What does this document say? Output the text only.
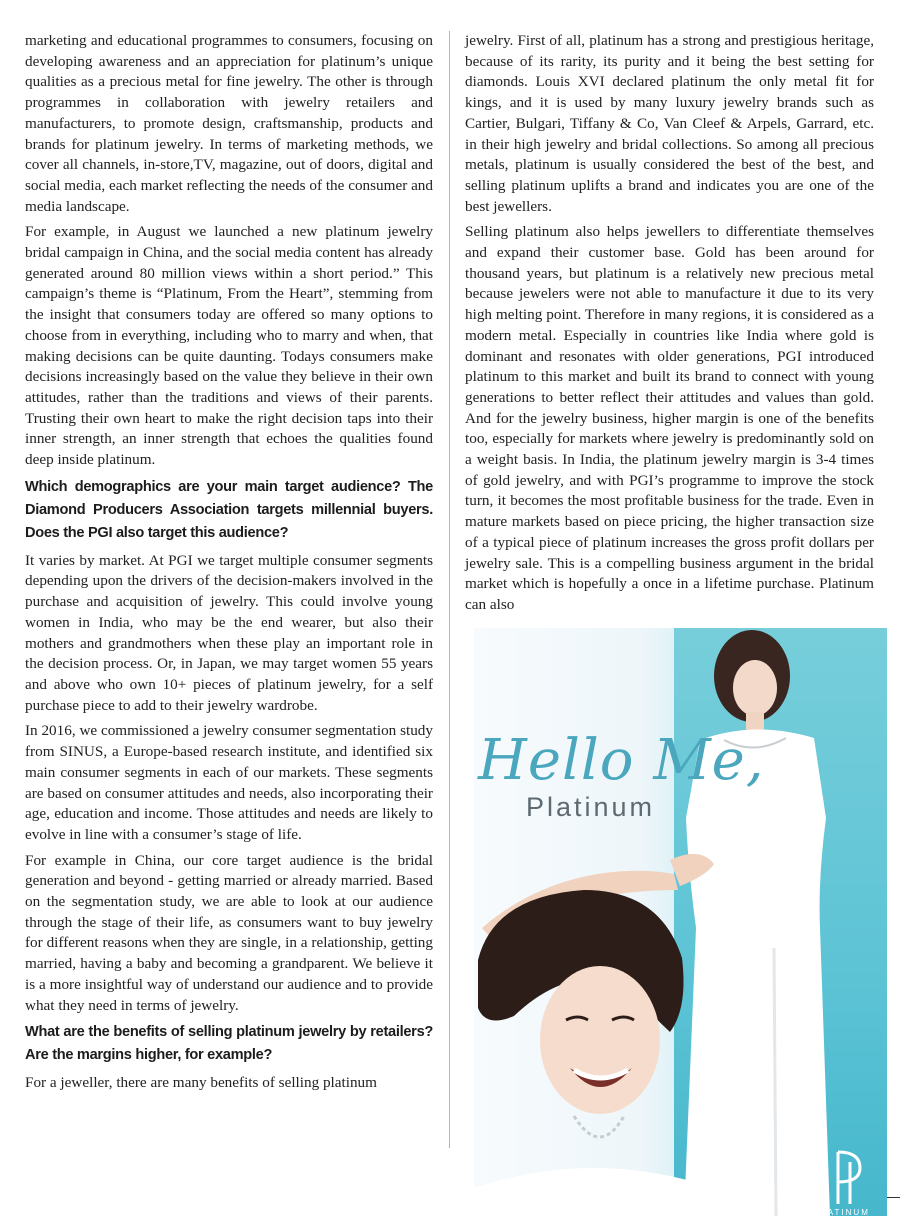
marketing and educational programmes to consumers, focusing on developing awareness and an appreciation for platinum’s unique qualities as a precious metal for fine jewelry. The other is through programmes in collaboration with jewelry retailers and manufacturers, to promote design, craftsmanship, products and brands for platinum jewelry. In terms of marketing methods, we cover all channels, in-store,TV, magazine, out of doors, digital and social media, each market reflecting the needs of the consumer and media landscape.

For example, in August we launched a new platinum jewelry bridal campaign in China, and the social media content has already generated around 80 million views within a short period.” This campaign’s theme is “Platinum, From the Heart”, stemming from the insight that consumers today are offered so many options to choose from in everything, including who to marry and when, that making decisions can be quite daunting. Todays consumers make decisions increasingly based on the value they believe in their own attitudes, rather than the traditions and views of their parents. Trusting their own heart to make the right decision taps into their inner strength, an inner strength that echoes the qualities found deep inside platinum.

Which demographics are your main target audience? The Diamond Producers Association targets millennial buyers. Does the PGI also target this audience?

It varies by market. At PGI we target multiple consumer segments depending upon the drivers of the decision-makers involved in the purchase and acquisition of jewelry. This could involve young women in India, who may be the end wearer, but also their mothers and grandmothers when these play an important role in the decision process. Or, in Japan, we may target women 55 years and above who own 10+ pieces of platinum jewelry, for a self purchase piece to add to their jewelry wardrobe.

In 2016, we commissioned a jewelry consumer segmentation study from SINUS, a Europe-based research institute, and identified six main consumer segments in each of our markets. These segments are based on consumer attitudes and needs, also incorporating their age, education and income. Those attitudes and needs are likely to evolve in line with a consumer’s stage of life.

For example in China, our core target audience is the bridal generation and beyond - getting married or already married. Based on the segmentation study, we are able to look at our audience through the stage of their life, as consumers want to buy jewelry for different reasons when they are single, in a relationship, getting married, having a baby and becoming a grandparent. We believe it is a more insightful way of understand our audience and to provide what they need in terms of jewelry.

What are the benefits of selling platinum jewelry by retailers? Are the margins higher, for example?

For a jeweller, there are many benefits of selling platinum

jewelry. First of all, platinum has a strong and prestigious heritage, because of its rarity, its purity and it being the best setting for diamonds. Louis XVI declared platinum the only metal fit for kings, and it is used by many luxury jewelry brands such as Cartier, Bulgari, Tiffany & Co, Van Cleef & Arpels, Garrard, etc. in their high jewelry and bridal collections. So among all precious metals, platinum is usually considered the best of the best, and selling platinum uplifts a brand and indicates you are one of the best jewellers.

Selling platinum also helps jewellers to differentiate themselves and expand their customer base. Gold has been around for thousand years, but platinum is a relatively new precious metal because jewelers were not able to manufacture it due to its very high melting point. Therefore in many regions, it is considered as a modern metal. Especially in countries like India where gold is dominant and resonates with older generations, PGI introduced platinum to this market and built its brand to connect with young generations to better reflect their attitudes and values than gold. And for the jewelry business, higher margin is one of the benefits too, especially for markets where jewelry is predominantly sold on a weight basis. In India, the platinum jewelry margin is 3-4 times of gold jewelry, and with PGI’s programme to improve the stock turn, it becomes the most profitable business for the trade. Even in mature markets based on piece pricing, the higher transaction size of a typical piece of platinum increases the gross profit dollars per jewelry sale. This is a compelling business argument in the bridal market which is hopefully a once in a lifetime purchase. Platinum can also

Hello Me,
Platinum
PLATINUM
